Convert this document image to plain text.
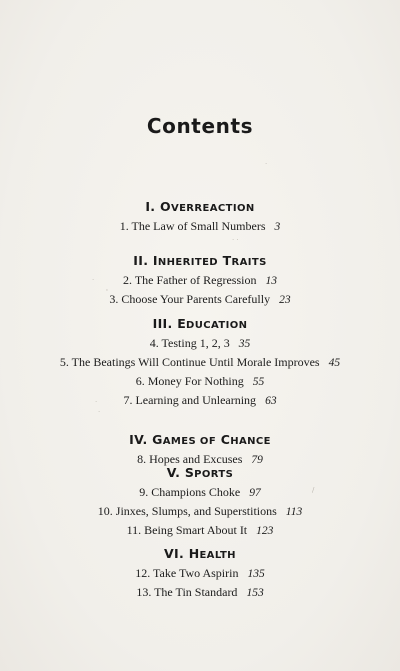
Contents
I. OVERREACTION
1. The Law of Small Numbers 3
II. INHERITED TRAITS
2. The Father of Regression 13
3. Choose Your Parents Carefully 23
III. EDUCATION
4. Testing 1, 2, 3 35
5. The Beatings Will Continue Until Morale Improves 45
6. Money For Nothing 55
7. Learning and Unlearning 63
IV. GAMES OF CHANCE
8. Hopes and Excuses 79
V. SPORTS
9. Champions Choke 97
10. Jinxes, Slumps, and Superstitions 113
11. Being Smart About It 123
VI. HEALTH
12. Take Two Aspirin 135
13. The Tin Standard 153
·
· ·
·
'
·
·
/
